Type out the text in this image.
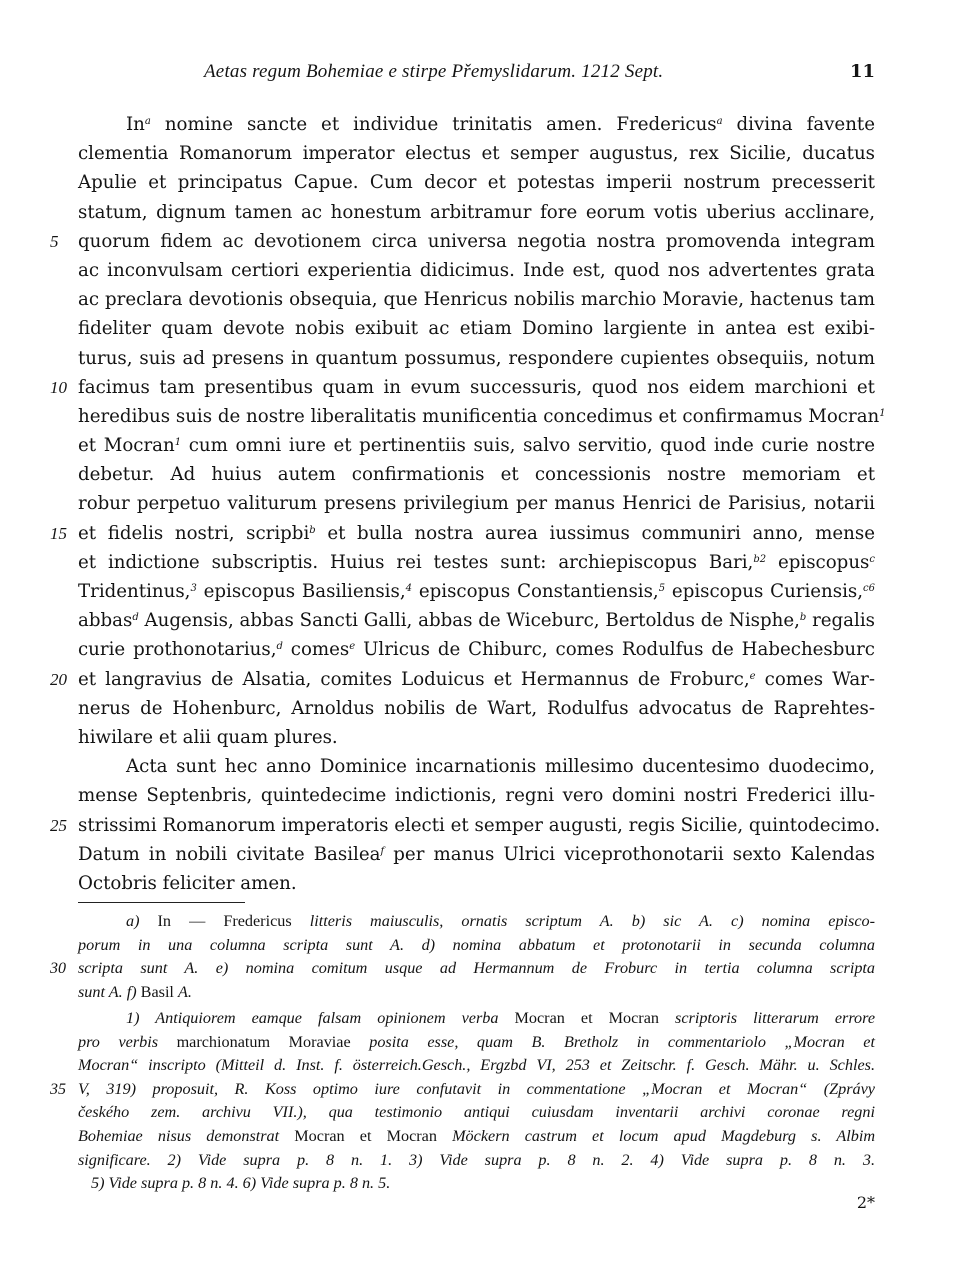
Aetas regum Bohemiae e stirpe Přemyslidarum. 1212 Sept.	11
In$^a$ nomine sancte et individue trinitatis amen. Fredericus$^a$ divina favente
clementia Romanorum imperator electus et semper augustus, rex Sicilie, ducatus
Apulie et principatus Capue. Cum decor et potestas imperii nostrum precesserit
statum, dignum tamen ac honestum arbitramur fore eorum votis uberius acclinare,
quorum fidem ac devotionem circa universa negotia nostra promovenda integram
5
ac inconvulsam certiori experientia didicimus. Inde est, quod nos advertentes grata
ac preclara devotionis obsequia, que Henricus nobilis marchio Moravie, hactenus tam
fideliter quam devote nobis exibuit ac etiam Domino largiente in antea est exibi-
turus, suis ad presens in quantum possumus, respondere cupientes obsequiis, notum
facimus tam presentibus quam in evum successuris, quod nos eidem marchioni et
10
heredibus suis de nostre liberalitatis munificentia concedimus et confirmamus Mocran$^1$
et Mocran$^1$ cum omni iure et pertinentiis suis, salvo servitio, quod inde curie nostre
debetur. Ad huius autem confirmationis et concessionis nostre memoriam et
robur perpetuo valiturum presens privilegium per manus Henrici de Parisius, notarii
et fidelis nostri, scripbi$^b$ et bulla nostra aurea iussimus communiri anno, mense
15
et indictione subscriptis. Huius rei testes sunt: archiepiscopus Bari,$^{b2}$ episcopus$^c$
Tridentinus,$^3$ episcopus Basiliensis,$^4$ episcopus Constantiensis,$^5$ episcopus Curiensis,$^{c6}$
abbas$^d$ Augensis, abbas Sancti Galli, abbas de Wiceburc, Bertoldus de Nisphe,$^b$ regalis
curie prothonotarius,$^d$ comes$^e$ Ulricus de Chiburc, comes Rodulfus de Habechesburc
et langravius de Alsatia, comites Loduicus et Hermannus de Froburc,$^e$ comes War-
20
nerus de Hohenburc, Arnoldus nobilis de Wart, Rodulfus advocatus de Raprehtes-
hiwilare et alii quam plures.
Acta sunt hec anno Dominice incarnationis millesimo ducentesimo duodecimo,
mense Septenbris, quintedecime indictionis, regni vero domini nostri Frederici illu-
strissimi Romanorum imperatoris electi et semper augusti, regis Sicilie, quintodecimo.
25
Datum in nobili civitate Basilea$^f$ per manus Ulrici viceprothonotarii sexto Kalendas
Octobris feliciter amen.
a) In — Fredericus litteris maiusculis, ornatis scriptum A. b) sic A. c) nomina episco-
porum in una columna scripta sunt A. d) nomina abbatum et protonotarii in secunda columna
scripta sunt A. e) nomina comitum usque ad Hermannum de Froburc in tertia columna scripta
30
sunt A. f) Basil A.
1) Antiquiorem eamque falsam opinionem verba Mocran et Mocran scriptoris litterarum errore
pro verbis marchionatum Moraviae posita esse, quam B. Bretholz in commentariolo „Mocran et
Mocran“ inscripto (Mitteil d. Inst. f. österreich.Gesch., Ergzbd VI, 253 et Zeitschr. f. Gesch. Mähr. u. Schles.
V, 319) proposuit, R. Koss optimo iure confutavit in commentatione „Mocran et Mocran“ (Zprávy
35
českého zem. archivu VII.), qua testimonio antiqui cuiusdam inventarii archivi coronae regni
Bohemiae nisus demonstrat Mocran et Mocran Möckern castrum et locum apud Magdeburg s. Albim
significare. 2) Vide supra p. 8 n. 1. 3) Vide supra p. 8 n. 2. 4) Vide supra p. 8 n. 3.
5) Vide supra p. 8 n. 4. 6) Vide supra p. 8 n. 5.
2*
